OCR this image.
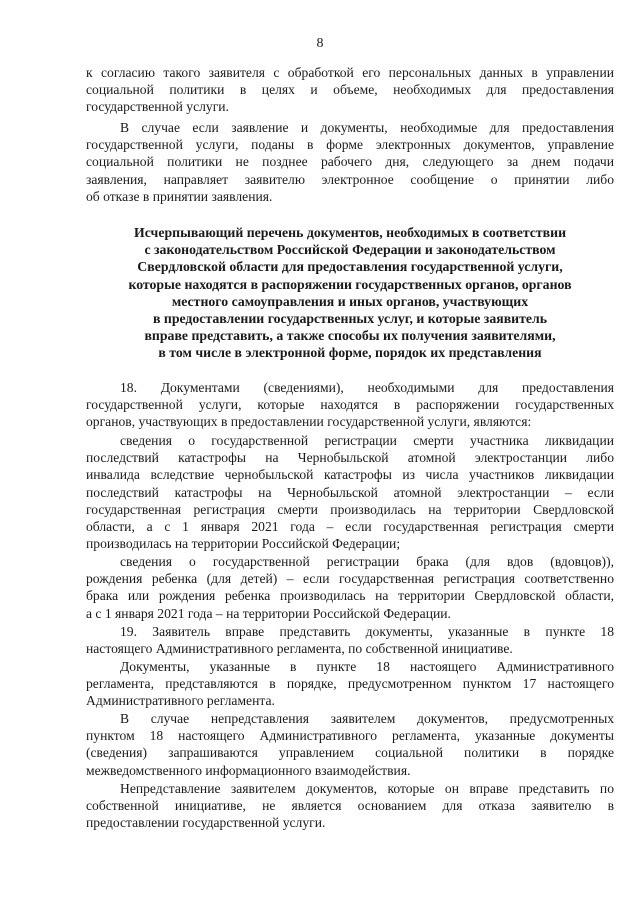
8
к согласию такого заявителя с обработкой его персональных данных в управлении
социальной политики в целях и объеме, необходимых для предоставления
государственной услуги.
В случае если заявление и документы, необходимые для предоставления
государственной услуги, поданы в форме электронных документов, управление
социальной политики не позднее рабочего дня, следующего за днем подачи
заявления, направляет заявителю электронное сообщение о принятии либо
об отказе в принятии заявления.
Исчерпывающий перечень документов, необходимых в соответствии
с законодательством Российской Федерации и законодательством
Свердловской области для предоставления государственной услуги,
которые находятся в распоряжении государственных органов, органов
местного самоуправления и иных органов, участвующих
в предоставлении государственных услуг, и которые заявитель
вправе представить, а также способы их получения заявителями,
в том числе в электронной форме, порядок их представления
18. Документами (сведениями), необходимыми для предоставления
государственной услуги, которые находятся в распоряжении государственных
органов, участвующих в предоставлении государственной услуги, являются:
сведения о государственной регистрации смерти участника ликвидации
последствий катастрофы на Чернобыльской атомной электростанции либо
инвалида вследствие чернобыльской катастрофы из числа участников ликвидации
последствий катастрофы на Чернобыльской атомной электростанции – если
государственная регистрация смерти производилась на территории Свердловской
области, а с 1 января 2021 года – если государственная регистрация смерти
производилась на территории Российской Федерации;
сведения о государственной регистрации брака (для вдов (вдовцов)),
рождения ребенка (для детей) – если государственная регистрация соответственно
брака или рождения ребенка производилась на территории Свердловской области,
а с 1 января 2021 года – на территории Российской Федерации.
19. Заявитель вправе представить документы, указанные в пункте 18
настоящего Административного регламента, по собственной инициативе.
Документы, указанные в пункте 18 настоящего Административного
регламента, представляются в порядке, предусмотренном пунктом 17 настоящего
Административного регламента.
В случае непредставления заявителем документов, предусмотренных
пунктом 18 настоящего Административного регламента, указанные документы
(сведения) запрашиваются управлением социальной политики в порядке
межведомственного информационного взаимодействия.
Непредставление заявителем документов, которые он вправе представить по
собственной инициативе, не является основанием для отказа заявителю в
предоставлении государственной услуги.
